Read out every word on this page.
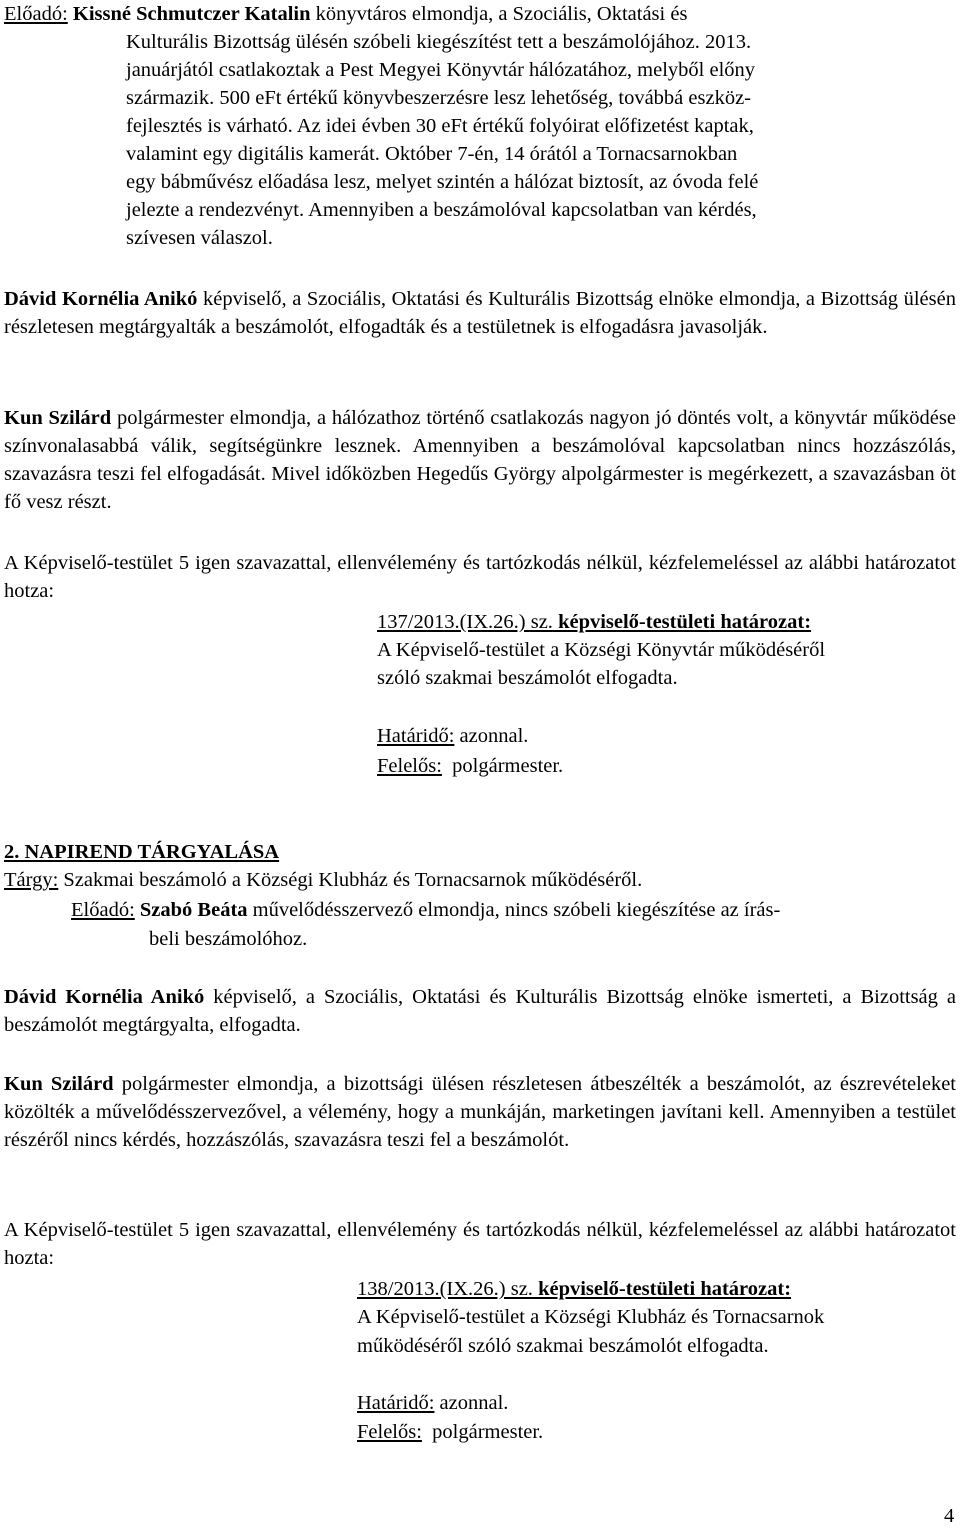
Előadó: Kissné Schmutczer Katalin könyvtáros elmondja, a Szociális, Oktatási és
Kulturális Bizottság ülésén szóbeli kiegészítést tett a beszámolójához. 2013.
januárjától csatlakoztak a Pest Megyei Könyvtár hálózatához, melyből előny
származik. 500 eFt értékű könyvbeszerzésre lesz lehetőség, továbbá eszköz-
fejlesztés is várható. Az idei évben 30 eFt értékű folyóirat előfizetést kaptak,
valamint egy digitális kamerát. Október 7-én, 14 órától a Tornacsarnokban
egy bábművész előadása lesz, melyet szintén a hálózat biztosít, az óvoda felé
jelezte a rendezvényt. Amennyiben a beszámolóval kapcsolatban van kérdés,
szívesen válaszol.
Dávid Kornélia Anikó képviselő, a Szociális, Oktatási és Kulturális Bizottság elnöke elmondja, a Bizottság ülésén részletesen megtárgyalták a beszámolót, elfogadták és a testületnek is elfogadásra javasolják.
Kun Szilárd polgármester elmondja, a hálózathoz történő csatlakozás nagyon jó döntés volt, a könyvtár működése színvonalasabbá válik, segítségünkre lesznek. Amennyiben a beszámolóval kapcsolatban nincs hozzászólás, szavazásra teszi fel elfogadását. Mivel időközben Hegedűs György alpolgármester is megérkezett, a szavazásban öt fő vesz részt.
A Képviselő-testület 5 igen szavazattal, ellenvélemény és tartózkodás nélkül, kézfelemeléssel az alábbi határozatot hotza:
137/2013.(IX.26.) sz. képviselő-testületi határozat:
A Képviselő-testület a Községi Könyvtár működéséről
szóló szakmai beszámolót elfogadta.
Határidő: azonnal.
Felelős:  polgármester.
2. NAPIREND TÁRGYALÁSA
Tárgy: Szakmai beszámoló a Községi Klubház és Tornacsarnok működéséről.
Előadó: Szabó Beáta művelődésszervező elmondja, nincs szóbeli kiegészítése az írás-
beli beszámolóhoz.
Dávid Kornélia Anikó képviselő, a Szociális, Oktatási és Kulturális Bizottság elnöke ismerteti, a Bizottság a beszámolót megtárgyalta, elfogadta.
Kun Szilárd polgármester elmondja, a bizottsági ülésen részletesen átbeszélték a beszámolót, az észrevételeket közölték a művelődésszervezővel, a vélemény, hogy a munkáján, marketingen javítani kell. Amennyiben a testület részéről nincs kérdés, hozzászólás, szavazásra teszi fel a beszámolót.
A Képviselő-testület 5 igen szavazattal, ellenvélemény és tartózkodás nélkül, kézfelemeléssel az alábbi határozatot hozta:
138/2013.(IX.26.) sz. képviselő-testületi határozat:
A Képviselő-testület a Községi Klubház és Tornacsarnok
működéséről szóló szakmai beszámolót elfogadta.
Határidő: azonnal.
Felelős:  polgármester.
4
